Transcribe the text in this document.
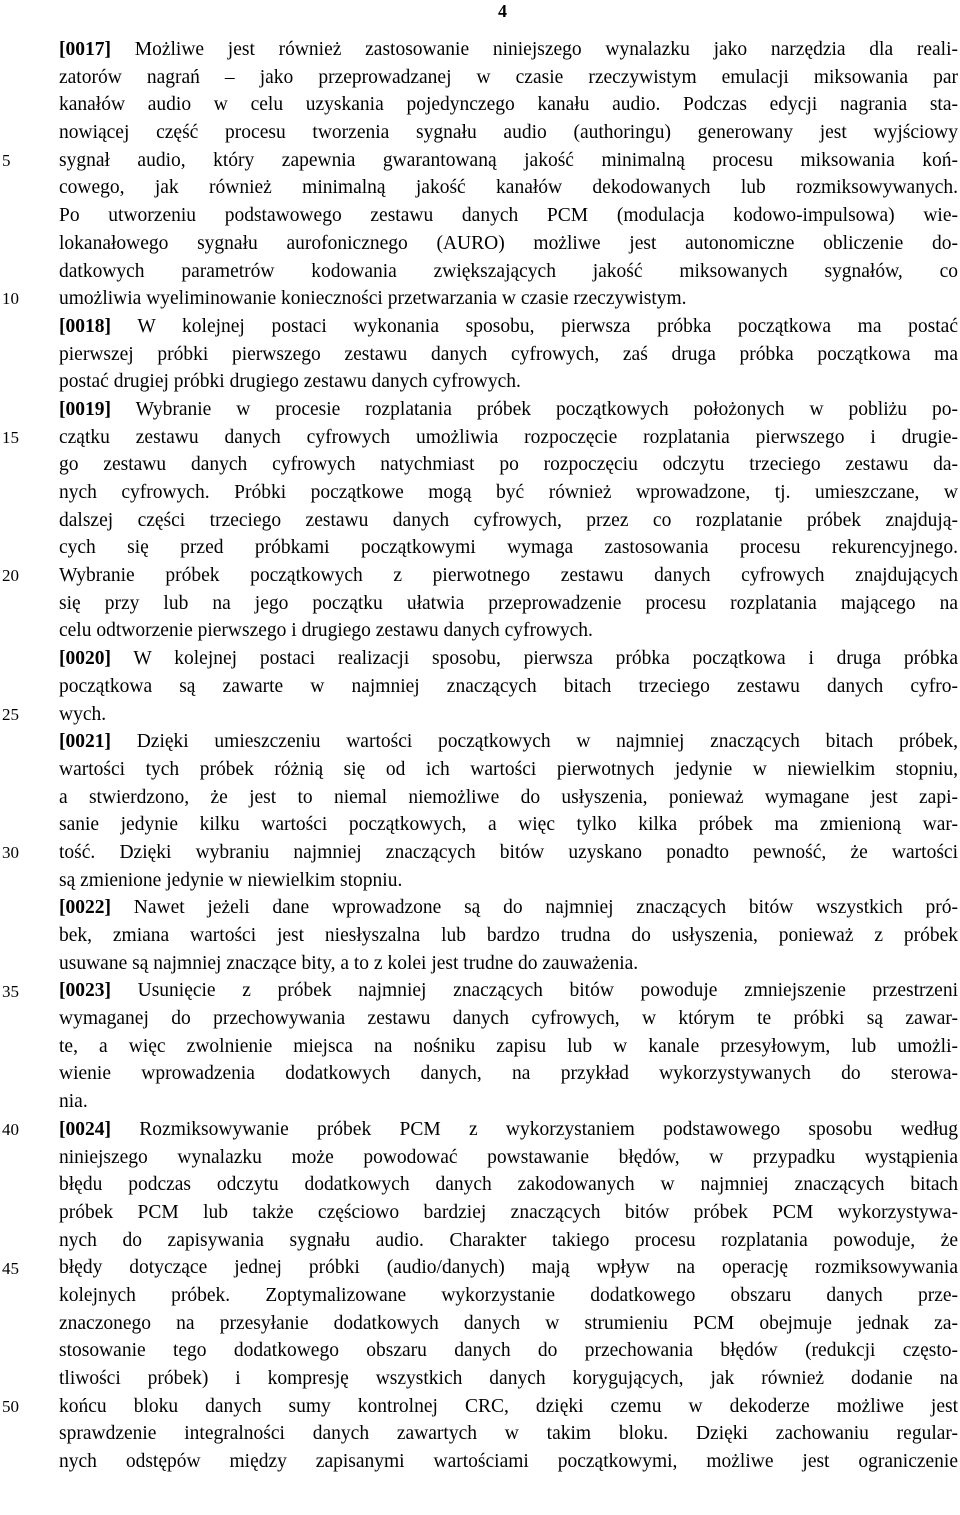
4
5
10
15
20
25
30
35
40
45
50
[0017] Możliwe jest również zastosowanie niniejszego wynalazku jako narzędzia dla reali-
zatorów nagrań – jako przeprowadzanej w czasie rzeczywistym emulacji miksowania par
kanałów audio w celu uzyskania pojedynczego kanału audio. Podczas edycji nagrania sta-
nowiącej część procesu tworzenia sygnału audio (authoringu) generowany jest wyjściowy
sygnał audio, który zapewnia gwarantowaną jakość minimalną procesu miksowania koń-
cowego, jak również minimalną jakość kanałów dekodowanych lub rozmiksowywanych.
Po utworzeniu podstawowego zestawu danych PCM (modulacja kodowo-impulsowa) wie-
lokanałowego sygnału aurofonicznego (AURO) możliwe jest autonomiczne obliczenie do-
datkowych parametrów kodowania zwiększających jakość miksowanych sygnałów, co
umożliwia wyeliminowanie konieczności przetwarzania w czasie rzeczywistym.
[0018] W kolejnej postaci wykonania sposobu, pierwsza próbka początkowa ma postać
pierwszej próbki pierwszego zestawu danych cyfrowych, zaś druga próbka początkowa ma
postać drugiej próbki drugiego zestawu danych cyfrowych.
[0019] Wybranie w procesie rozplatania próbek początkowych położonych w pobliżu po-
czątku zestawu danych cyfrowych umożliwia rozpoczęcie rozplatania pierwszego i drugie-
go zestawu danych cyfrowych natychmiast po rozpoczęciu odczytu trzeciego zestawu da-
nych cyfrowych. Próbki początkowe mogą być również wprowadzone, tj. umieszczane, w
dalszej części trzeciego zestawu danych cyfrowych, przez co rozplatanie próbek znajdują-
cych się przed próbkami początkowymi wymaga zastosowania procesu rekurencyjnego.
Wybranie próbek początkowych z pierwotnego zestawu danych cyfrowych znajdujących
się przy lub na jego początku ułatwia przeprowadzenie procesu rozplatania mającego na
celu odtworzenie pierwszego i drugiego zestawu danych cyfrowych.
[0020] W kolejnej postaci realizacji sposobu, pierwsza próbka początkowa i druga próbka
początkowa są zawarte w najmniej znaczących bitach trzeciego zestawu danych cyfro-
wych.
[0021] Dzięki umieszczeniu wartości początkowych w najmniej znaczących bitach próbek,
wartości tych próbek różnią się od ich wartości pierwotnych jedynie w niewielkim stopniu,
a stwierdzono, że jest to niemal niemożliwe do usłyszenia, ponieważ wymagane jest zapi-
sanie jedynie kilku wartości początkowych, a więc tylko kilka próbek ma zmienioną war-
tość. Dzięki wybraniu najmniej znaczących bitów uzyskano ponadto pewność, że wartości
są zmienione jedynie w niewielkim stopniu.
[0022] Nawet jeżeli dane wprowadzone są do najmniej znaczących bitów wszystkich pró-
bek, zmiana wartości jest niesłyszalna lub bardzo trudna do usłyszenia, ponieważ z próbek
usuwane są najmniej znaczące bity, a to z kolei jest trudne do zauważenia.
[0023] Usunięcie z próbek najmniej znaczących bitów powoduje zmniejszenie przestrzeni
wymaganej do przechowywania zestawu danych cyfrowych, w którym te próbki są zawar-
te, a więc zwolnienie miejsca na nośniku zapisu lub w kanale przesyłowym, lub umożli-
wienie wprowadzenia dodatkowych danych, na przykład wykorzystywanych do sterowa-
nia.
[0024] Rozmiksowywanie próbek PCM z wykorzystaniem podstawowego sposobu według
niniejszego wynalazku może powodować powstawanie błędów, w przypadku wystąpienia
błędu podczas odczytu dodatkowych danych zakodowanych w najmniej znaczących bitach
próbek PCM lub także częściowo bardziej znaczących bitów próbek PCM wykorzystywa-
nych do zapisywania sygnału audio. Charakter takiego procesu rozplatania powoduje, że
błędy dotyczące jednej próbki (audio/danych) mają wpływ na operację rozmiksowywania
kolejnych próbek. Zoptymalizowane wykorzystanie dodatkowego obszaru danych prze-
znaczonego na przesyłanie dodatkowych danych w strumieniu PCM obejmuje jednak za-
stosowanie tego dodatkowego obszaru danych do przechowania błędów (redukcji często-
tliwości próbek) i kompresję wszystkich danych korygujących, jak również dodanie na
końcu bloku danych sumy kontrolnej CRC, dzięki czemu w dekoderze możliwe jest
sprawdzenie integralności danych zawartych w takim bloku. Dzięki zachowaniu regular-
nych odstępów między zapisanymi wartościami początkowymi, możliwe jest ograniczenie
